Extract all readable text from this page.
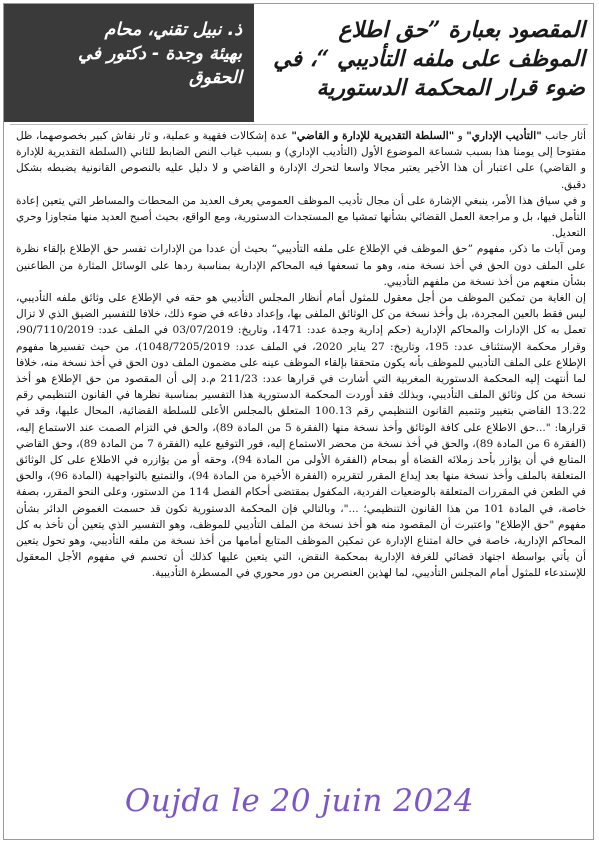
ذ. نبيل تقني، محام
بهيئة وجدة - دكتور في
الحقوق
المقصود بعبارة ”حق اطلاع
الموظف على ملفه التأديبي “، في
ضوء قرار المحكمة الدستورية

أثار جانب "التأديب الإداري" و "السلطة التقديرية للإدارة و القاضي" عدة إشكالات فقهية و عملية، و ثار نقاش كبير بخصوصهما، ظل مفتوحا إلى يومنا هذا بسبب شساعة الموضوع الأول (التأديب الإداري) و بسبب غياب النص الضابط للثاني (السلطة التقديرية للإدارة و القاضي) على اعتبار أن هذا الأخير يعتبر مجالا واسعا لتحرك الإدارة و القاضي و لا دليل عليه بالنصوص القانونية يضبطه بشكل دقيق.

و في سياق هذا الأمر، ينبغي الإشارة على أن مجال تأديب الموظف العمومي يعرف العديد من المحطات والمساطر التي يتعين إعادة التأمل فيها، بل و مراجعة العمل القضائي بشأنها تمشيا مع المستجدات الدستورية، ومع الواقع، بحيث أصبح العديد منها متجاوزا وحري التعديل.

ومن آيات ما ذكر، مفهوم ”حق الموظف في الإطلاع على ملفه التأديبي“ بحيث أن عددا من الإدارات تفسر حق الإطلاع بإلقاء نظرة على الملف دون الحق في أخذ نسخة منه، وهو ما تسعفها فيه المحاكم الإدارية بمناسبة ردها على الوسائل المثارة من الطاعنين بشأن منعهم من أخذ نسخة من ملفهم التأديبي.

إن الغاية من تمكين الموظف من أجل معقول للمثول أمام أنظار المجلس التأديبي هو حقه في الإطلاع على وثائق ملفه التأديبي، ليس فقط بالعين المجردة، بل وأخذ نسخة من كل الوثائق الملفى بها، وإعداد دفاعه في ضوء ذلك، خلافا للتفسير الضيق الذي لا تزال تعمل به كل الإدارات والمحاكم الإدارية (حكم إدارية وجدة عدد: 1471، وتاريخ: 03/07/2019 في الملف عدد: 90/7110/2019، وقرار محكمة الإستئناف عدد: 195، وتاريخ: 27 يناير 2020، في الملف عدد: 1048/7205/2019)، من حيث تفسيرها مفهوم الإطلاع على الملف التأديبي للموظف بأنه يكون متحققا بإلقاء الموظف عينه على مضمون الملف دون الحق في أخذ نسخة منه، خلافا لما أنتهت إليه المحكمة الدستورية المغربية التي أشارت في قرارها عدد: 211/23 م.د إلى أن المقصود من حق الإطلاع هو أخذ نسخة من كل وثائق الملف التأديبي، وبذلك فقد أوردت المحكمة الدستورية هذا التفسير بمناسبة نظرها في القانون التنظيمي رقم 13.22 القاضي بتغيير وتتميم القانون التنظيمي رقم 100.13 المتعلق بالمجلس الأعلى للسلطة القضائية، المحال عليها، وقد في قرارها: "...حق الاطلاع على كافة الوثائق وأخذ نسخة منها (الفقرة 5 من المادة 89)، والحق في التزام الصمت عند الاستماع إليه، (الفقرة 6 من المادة 89)، والحق في أخذ نسخة من محضر الاستماع إليه، فور التوقيع عليه (الفقرة 7 من المادة 89)، وحق القاضي المتابع في أن يؤازر بأحد زملائه القضاة أو بمحام (الفقرة الأولى من المادة 94)، وحقه أو من يؤازره في الاطلاع على كل الوثائق المتعلقة بالملف وأخذ نسخة منها بعد إيداع المقرر لتقريره (الفقرة الأخيرة من المادة 94)، والتمتيع بالتواجهية (المادة 96)، والحق في الطعن في المقررات المتعلقة بالوضعيات الفردية، المكفول بمقتضى أحكام الفصل 114 من الدستور، وعلى النحو المقرر، بصفة خاصة، في المادة 101 من هذا القانون التنظيمي؛ ..."، وبالتالي فإن المحكمة الدستورية تكون قد حسمت الغموض الدائر بشأن مفهوم "حق الإطلاع" واعتبرت أن المقصود منه هو أخذ نسخة من الملف التأديبي للموظف، وهو التفسير الذي يتعين أن تأخذ به كل المحاكم الإدارية، خاصة في حالة امتناع الإدارة عن تمكين الموظف المتابع أمامها من أخذ نسخة من ملفه التأديبي، وهو تحول يتعين أن يأتي بواسطة اجتهاد قضائي للغرفة الإدارية بمحكمة النقض، التي يتعين عليها كذلك أن تحسم في مفهوم الأجل المعقول للإستدعاء للمثول أمام المجلس التأديبي، لما لهذين العنصرين من دور محوري في المسطرة التأديبية.

Oujda le 20 juin 2024
